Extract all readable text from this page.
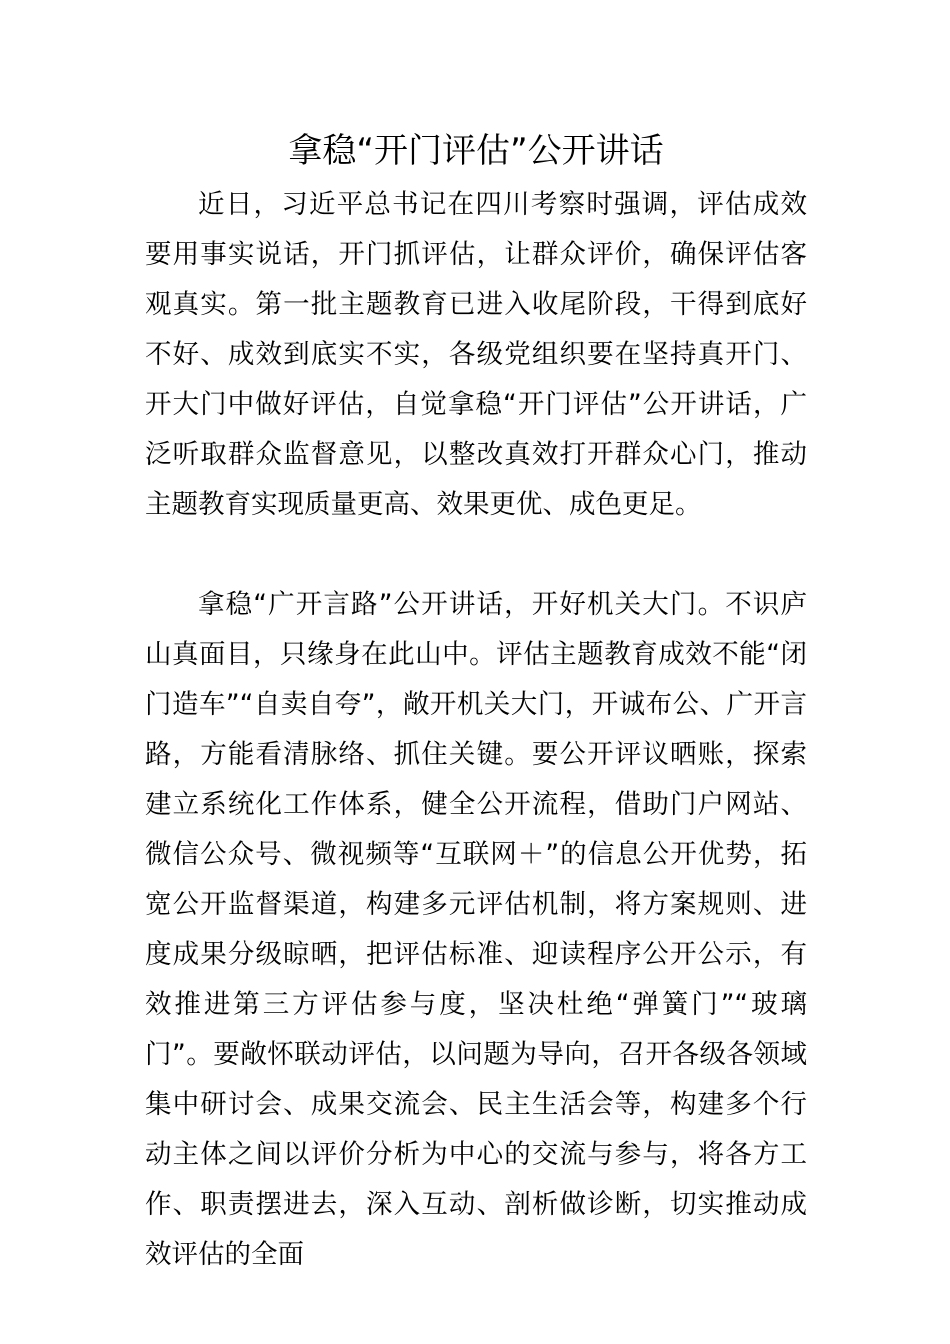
拿稳“开门评估”公开讲话

近日，习近平总书记在四川考察时强调，评估成效要用事实说话，开门抓评估，让群众评价，确保评估客观真实。第一批主题教育已进入收尾阶段，干得到底好不好、成效到底实不实，各级党组织要在坚持真开门、开大门中做好评估，自觉拿稳“开门评估”公开讲话，广泛听取群众监督意见，以整改真效打开群众心门，推动主题教育实现质量更高、效果更优、成色更足。

拿稳“广开言路”公开讲话，开好机关大门。不识庐山真面目，只缘身在此山中。评估主题教育成效不能“闭门造车”“自卖自夸”，敞开机关大门，开诚布公、广开言路，方能看清脉络、抓住关键。要公开评议晒账，探索建立系统化工作体系，健全公开流程，借助门户网站、微信公众号、微视频等“互联网＋”的信息公开优势，拓宽公开监督渠道，构建多元评估机制，将方案规则、进度成果分级晾晒，把评估标准、迎读程序公开公示，有效推进第三方评估参与度，坚决杜绝“弹簧门”“玻璃门”。要敞怀联动评估，以问题为导向，召开各级各领域集中研讨会、成果交流会、民主生活会等，构建多个行动主体之间以评价分析为中心的交流与参与，将各方工作、职责摆进去，深入互动、剖析做诊断，切实推动成效评估的全面
